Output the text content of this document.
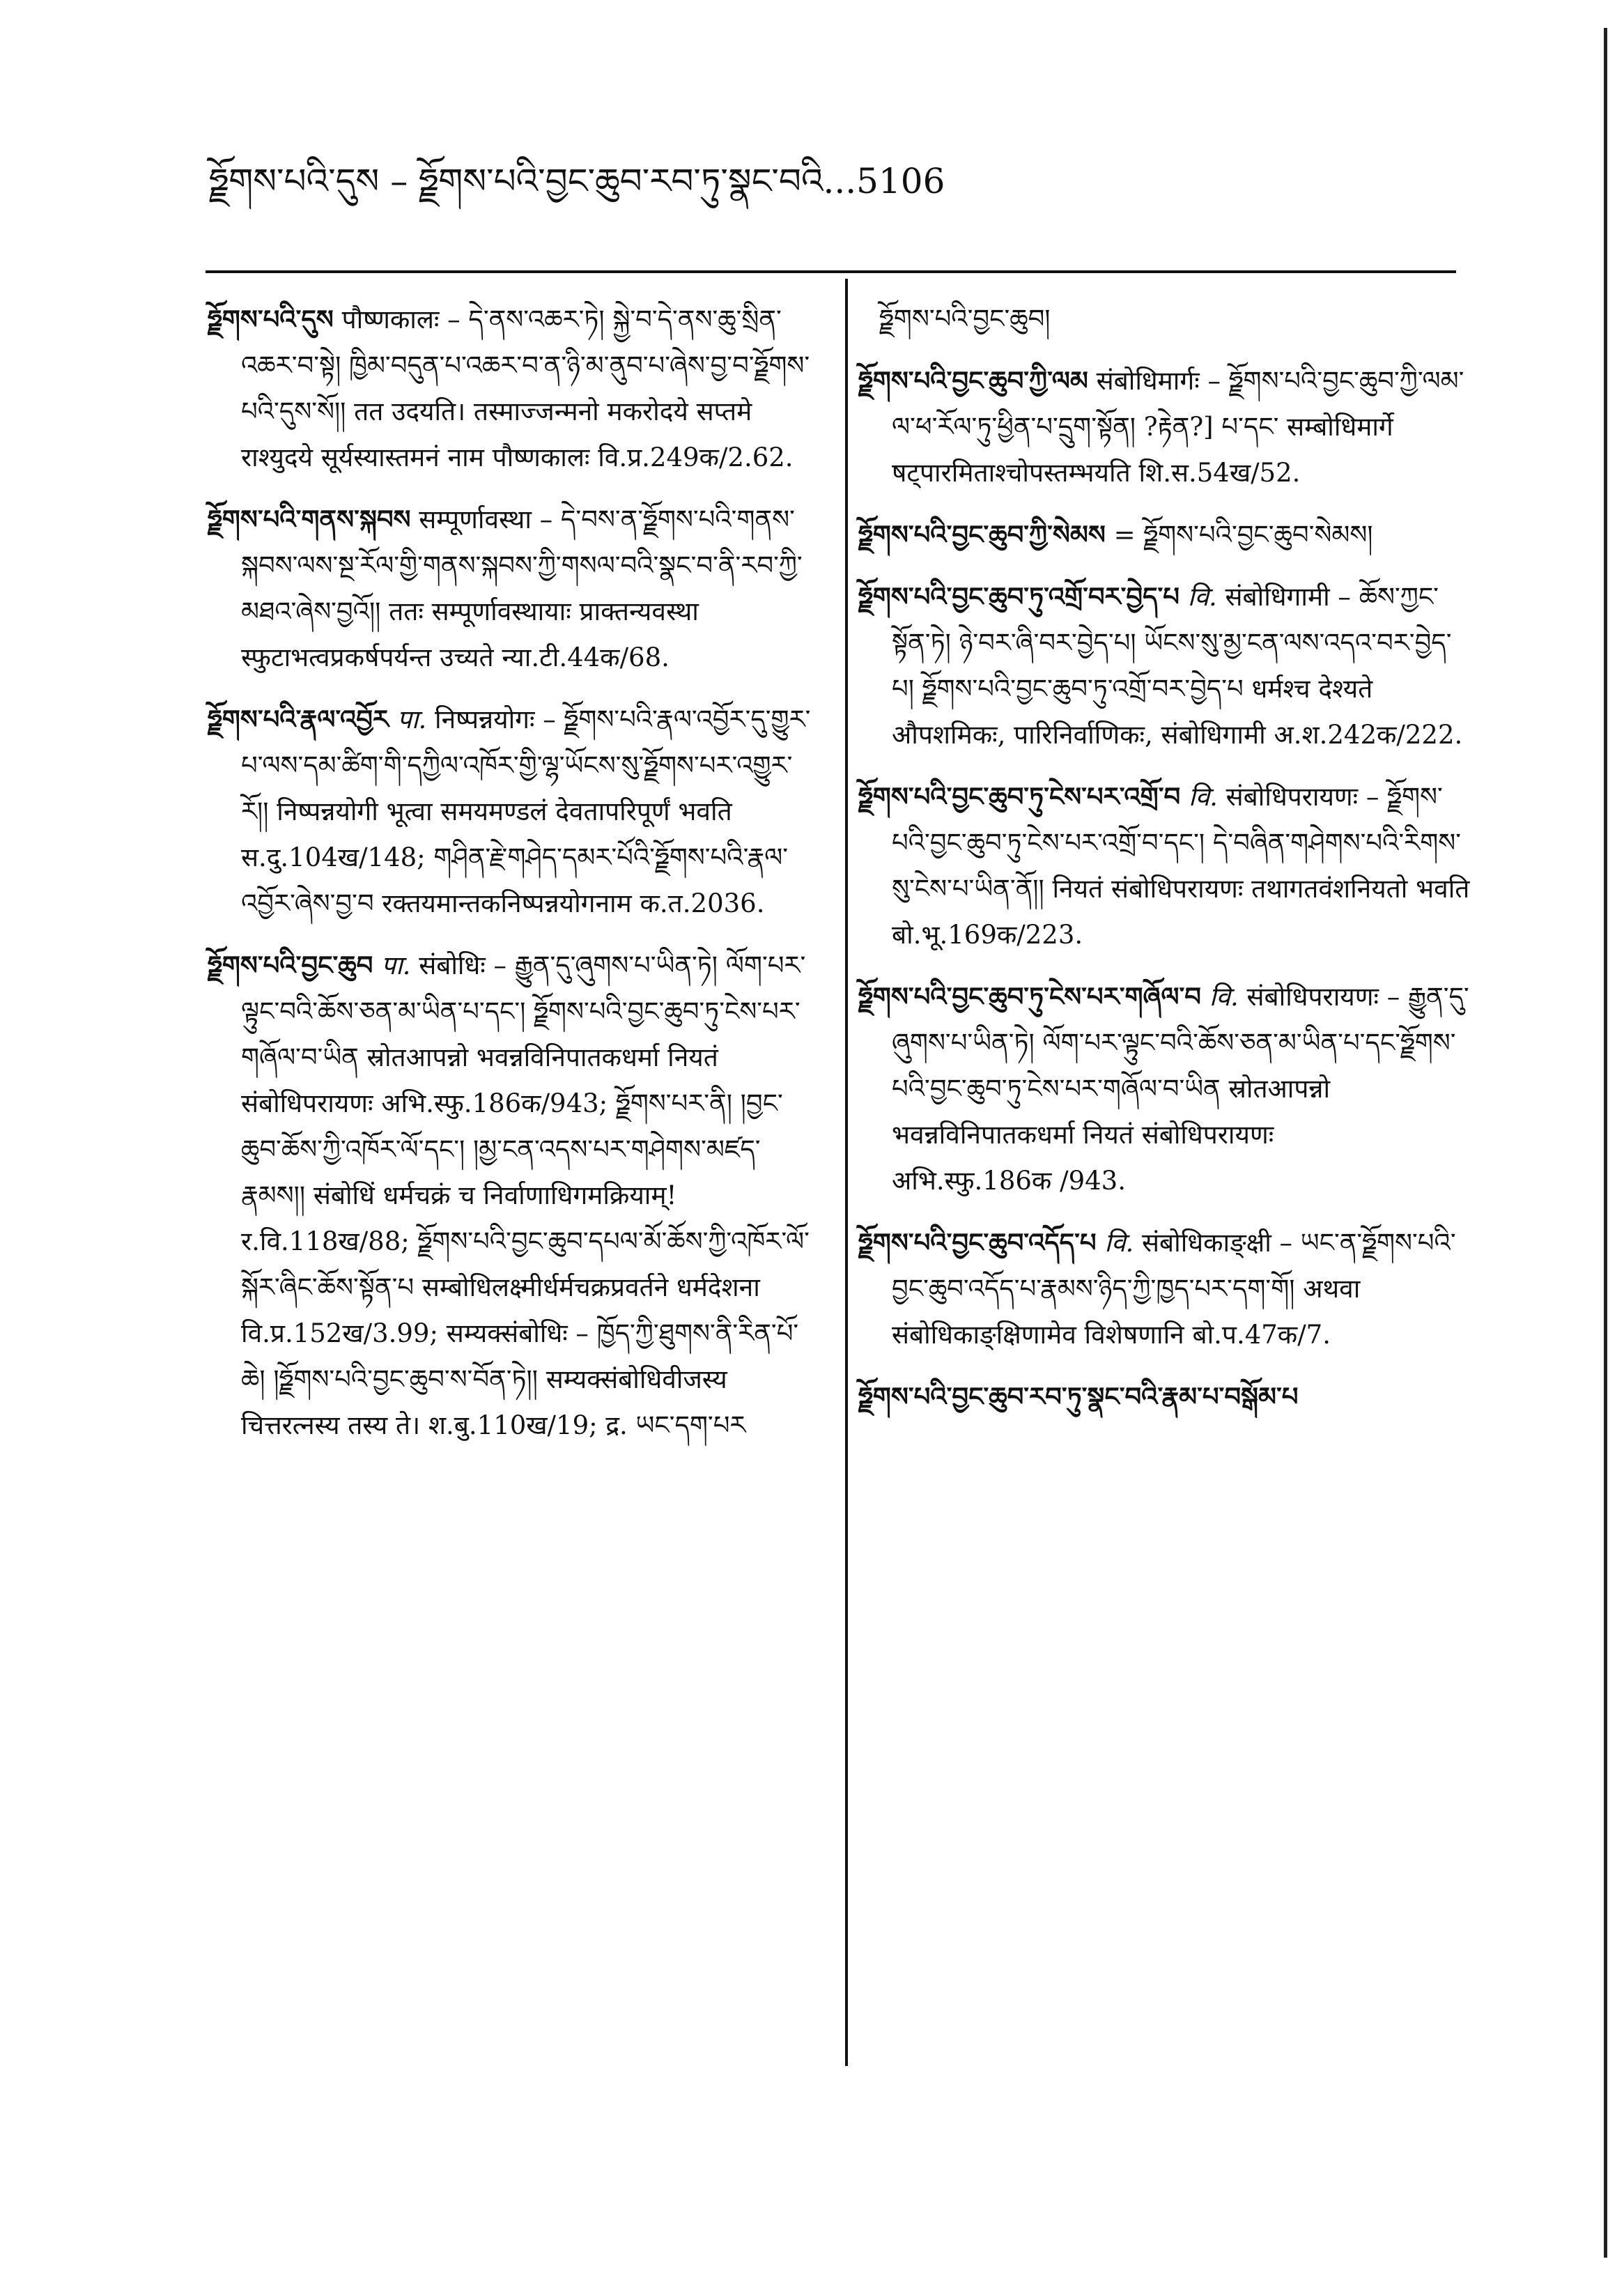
ཧྗོགས་པའི་དུས – ཧྗོགས་པའི་བྱང་ཆུབ་རབ་ཏུ་སྣང་བའི...5106

ཧྗོགས་པའི་དུས पौष्णकालः – དེ་ནས་འཆར་ཏེ། སྐྱེ་བ་དེ་ནས་ཆུ་སྲིན་འཆར་བ་སྟེ། ཁྱིམ་བདུན་པ་འཆར་བ་ན་ཉི་མ་ནུབ་པ་ཞེས་བྱ་བ་ཧྗོགས་པའི་དུས་སོ།། तत उदयति। तस्माज्जन्मनो मकरोदये सप्तमे राश्युदये सूर्यस्यास्तमनं नाम पौष्णकालः वि.प्र.249क/2.62.

ཧྗོགས་པའི་གནས་སྐབས सम्पूर्णावस्था – དེ་བས་ན་ཧྗོགས་པའི་གནས་སྐབས་ལས་སྔ་རོལ་གྱི་གནས་སྐབས་ཀྱི་གསལ་བའི་སྣང་བ་ནི་རབ་ཀྱི་མཐའ་ཞེས་བྱའོ།། ततः सम्पूर्णावस्थायाः प्राक्तन्यवस्था स्फुटाभत्वप्रकर्षपर्यन्त उच्यते न्या.टी.44क/68.

ཧྗོགས་པའི་རྣལ་འབྱོར पा. निष्पन्नयोगः – ཧྗོགས་པའི་རྣལ་འབྱོར་དུ་གྱུར་པ་ལས་དམ་ཚིག་གི་དཀྱིལ་འཁོར་གྱི་ལྷ་ཡོངས་སུ་ཧྗོགས་པར་འགྱུར་རོ།། निष्पन्नयोगी भूत्वा समयमण्डलं देवतापरिपूर्णं भवति स.दु.104ख/148; གཤིན་རྗེ་གཤེད་དམར་པོའི་ཧྗོགས་པའི་རྣལ་འབྱོར་ཞེས་བྱ་བ रक्तयमान्तकनिष्पन्नयोगनाम क.त.2036.

ཧྗོགས་པའི་བྱང་ཆུབ पा. संबोधिः – རྒྱུན་དུ་ཞུགས་པ་ཡིན་ཏེ། ལོག་པར་ལྟུང་བའི་ཆོས་ཅན་མ་ཡིན་པ་དང་། ཧྗོགས་པའི་བྱང་ཆུབ་ཏུ་ངེས་པར་གཞོལ་བ་ཡིན स्रोतआपन्नो भवन्नविनिपातकधर्मा नियतं संबोधिपरायणः अभि.स्फु.186क/943; ཧྗོགས་པར་ནི། །བྱང་ཆུབ་ཆོས་ཀྱི་འཁོར་ལོ་དང་། །མྱ་ངན་འདས་པར་གཤེགས་མཛད་རྣམས།། संबोधिं धर्मचक्रं च निर्वाणाधिगमक्रियाम्! र.वि.118ख/88; ཧྗོགས་པའི་བྱང་ཆུབ་དཔལ་མོ་ཆོས་ཀྱི་འཁོར་ལོ་སྐོར་ཞིང་ཆོས་སྟོན་པ सम्बोधिलक्ष्मीर्धर्मचक्रप्रवर्तने धर्मदेशना वि.प्र.152ख/3.99; सम्यक्संबोधिः – ཁྱོད་ཀྱི་ཐུགས་ནི་རིན་པོ་ཆེ། །ཧྗོགས་པའི་བྱང་ཆུབ་ས་བོན་ཏེ།། सम्यक्संबोधिवीजस्य चित्तरत्नस्य तस्य ते। श.बु.110ख/19; द्र. ཡང་དག་པར

ཧྗོགས་པའི་བྱང་ཆུབ།

ཧྗོགས་པའི་བྱང་ཆུབ་ཀྱི་ལམ संबोधिमार्गः – ཧྗོགས་པའི་བྱང་ཆུབ་ཀྱི་ལམ་ལ་ཕ་རོལ་ཏུ་ཕྱིན་པ་དྲུག་སྟོན། ?རྟེན?] པ་དང་ सम्बोधिमार्गे षट्पारमिताश्चोपस्तम्भयति शि.स.54ख/52.

ཧྗོགས་པའི་བྱང་ཆུབ་ཀྱི་སེམས = ཧྗོགས་པའི་བྱང་ཆུབ་སེམས།

ཧྗོགས་པའི་བྱང་ཆུབ་ཏུ་འགྲོ་བར་བྱེད་པ वि. संबोधिगामी – ཆོས་ཀྱང་སྟོན་ཏེ། ཉེ་བར་ཞི་བར་བྱེད་པ། ཡོངས་སུ་མྱ་ངན་ལས་འདའ་བར་བྱེད་པ། ཧྗོགས་པའི་བྱང་ཆུབ་ཏུ་འགྲོ་བར་བྱེད་པ धर्मश्च देश्यते औपशमिकः, पारिनिर्वाणिकः, संबोधिगामी अ.श.242क/222.

ཧྗོགས་པའི་བྱང་ཆུབ་ཏུ་ངེས་པར་འགྲོ་བ वि. संबोधिपरायणः – ཧྗོགས་པའི་བྱང་ཆུབ་ཏུ་ངེས་པར་འགྲོ་བ་དང་། དེ་བཞིན་གཤེགས་པའི་རིགས་སུ་ངེས་པ་ཡིན་ནོ།། नियतं संबोधिपरायणः तथागतवंशनियतो भवति बो.भू.169क/223.

ཧྗོགས་པའི་བྱང་ཆུབ་ཏུ་ངེས་པར་གཞོལ་བ वि. संबोधिपरायणः – རྒྱུན་དུ་ཞུགས་པ་ཡིན་ཏེ། ལོག་པར་ལྟུང་བའི་ཆོས་ཅན་མ་ཡིན་པ་དང་ཧྗོགས་པའི་བྱང་ཆུབ་ཏུ་ངེས་པར་གཞོལ་བ་ཡིན स्रोतआपन्नो भवन्नविनिपातकधर्मा नियतं संबोधिपरायणः अभि.स्फु.186क /943.

ཧྗོགས་པའི་བྱང་ཆུབ་འདོད་པ वि. संबोधिकाङ्क्षी – ཡང་ན་ཧྗོགས་པའི་བྱང་ཆུབ་འདོད་པ་རྣམས་ཉིད་ཀྱི་ཁྱད་པར་དག་གོ། अथवा संबोधिकाङ्क्षिणामेव विशेषणानि बो.प.47क/7.

ཧྗོགས་པའི་བྱང་ཆུབ་རབ་ཏུ་སྣང་བའི་རྣམ་པ་བསྒོམ་པ
